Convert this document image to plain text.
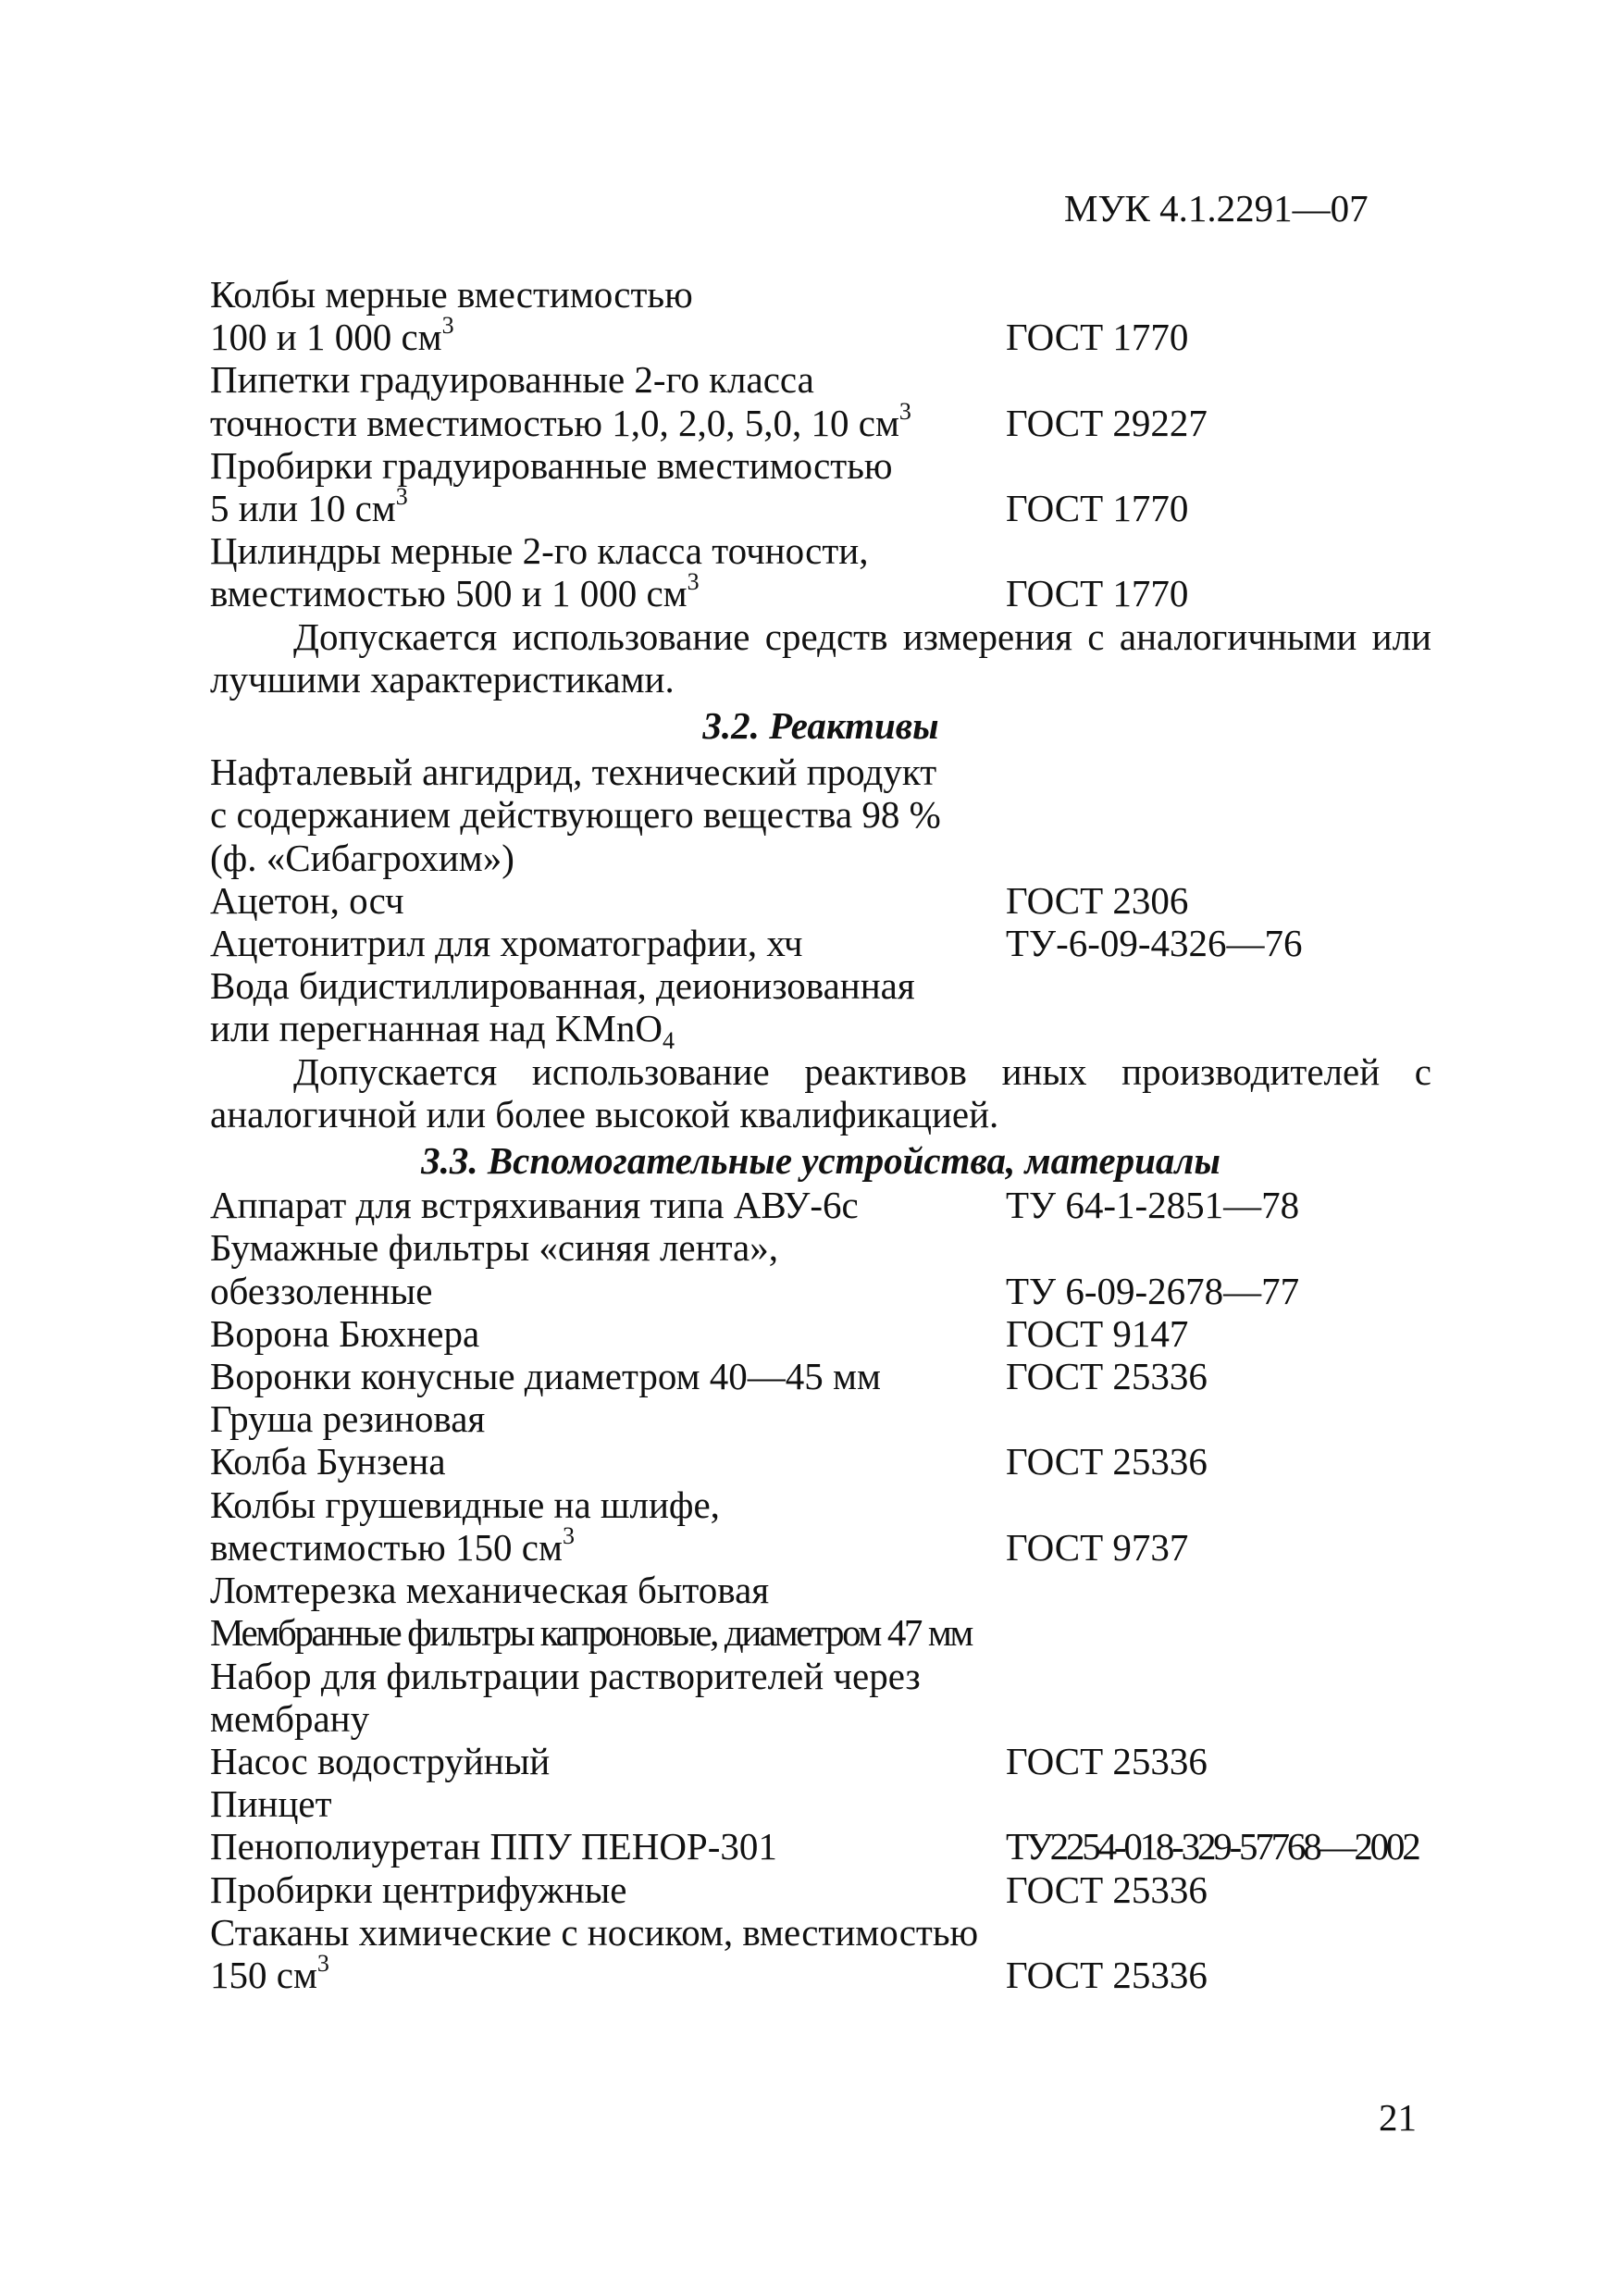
МУК 4.1.2291—07
Колбы мерные вместимостью
100 и 1 000 $см^3$	ГОСТ 1770
Пипетки градуированные 2-го класса
точности вместимостью 1,0, 2,0, 5,0, 10 $см^3$	ГОСТ 29227
Пробирки градуированные вместимостью
5 или 10 $см^3$	ГОСТ 1770
Цилиндры мерные 2-го класса точности,
вместимостью 500 и 1 000 $см^3$	ГОСТ 1770
Допускается использование средств измерения с аналогичными или лучшими характеристиками.
3.2. Реактивы
Нафталевый ангидрид, технический продукт
с содержанием действующего вещества 98 %
(ф. «Сибагрохим»)
Ацетон, осч	ГОСТ 2306
Ацетонитрил для хроматографии, хч	ТУ-6-09-4326—76
Вода бидистиллированная, деионизованная
или перегнанная над KMnO$_4$
Допускается использование реактивов иных производителей с аналогичной или более высокой квалификацией.
3.3. Вспомогательные устройства, материалы
Аппарат для встряхивания типа АВУ-6с	ТУ 64-1-2851—78
Бумажные фильтры «синяя лента»,
обеззоленные	ТУ 6-09-2678—77
Ворона Бюхнера	ГОСТ 9147
Воронки конусные диаметром 40—45 мм	ГОСТ 25336
Груша резиновая
Колба Бунзена	ГОСТ 25336
Колбы грушевидные на шлифе,
вместимостью 150 $см^3$	ГОСТ 9737
Ломтерезка механическая бытовая
Мембранные фильтры капроновые, диаметром 47 мм
Набор для фильтрации растворителей через
мембрану
Насос водоструйный	ГОСТ 25336
Пинцет
Пенополиуретан ППУ ПЕНОР-301	ТУ2254-018-329-57768—2002
Пробирки центрифужные	ГОСТ 25336
Стаканы химические с носиком, вместимостью
150 $см^3$	ГОСТ 25336
21
